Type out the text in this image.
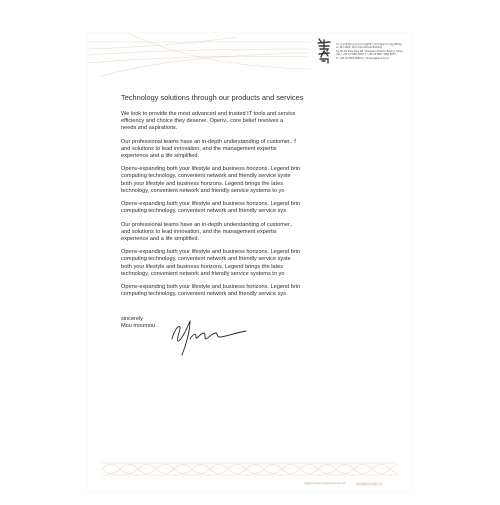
A / 北京市朝阳区东四环中路56号远洋国际中心A座1803室
A / Rm.1803, Jinyi International Building
No.56 4th East Ring Rd. Chaoyang District, Beijing, China
TEL / +86 10 5983 6878 T / +86 10 8527 3909 6871
F / +86 10 8586 8098 E / mrwang@gmail.com
Technology solutions through our products and services
We look to provide the most advanced and trusted IT tools and service
efficiency and choice they deserve. Openv.. core belief revolves a
needs and aspirations.
Our professional teams have an in-depth understanding of customer.. f
and solutions to lead innovation, and the management expertis
experience and a life simplified.
Openv-expanding both your lifestyle and business horizons. Legend brin
computing technology, convenient network and friendly service syste
both your lifestyle and business horizons. Legend brings the lates
technology, convenient network and friendly service systems to yo
Openv-expanding both your lifestyle and business horizons. Legend brin
computing technology, convenient network and friendly service sys
Our professional teams have an in-depth understanding of customer..
and solutions to lead innovation, and the management expertis
experience and a life simplified.
Openv-expanding both your lifestyle and business horizons. Legend brin
computing technology, convenient network and friendly service syste
both your lifestyle and business horizons. Legend brings the lates
technology, convenient network and friendly service systems to yo
Openv-expanding both your lifestyle and business horizons. Legend brin
computing technology, convenient network and friendly service sys
sincerely
Mou moumou
Legend Tourism Investment Co.,Ltd	传奇旅游投资有限公司
